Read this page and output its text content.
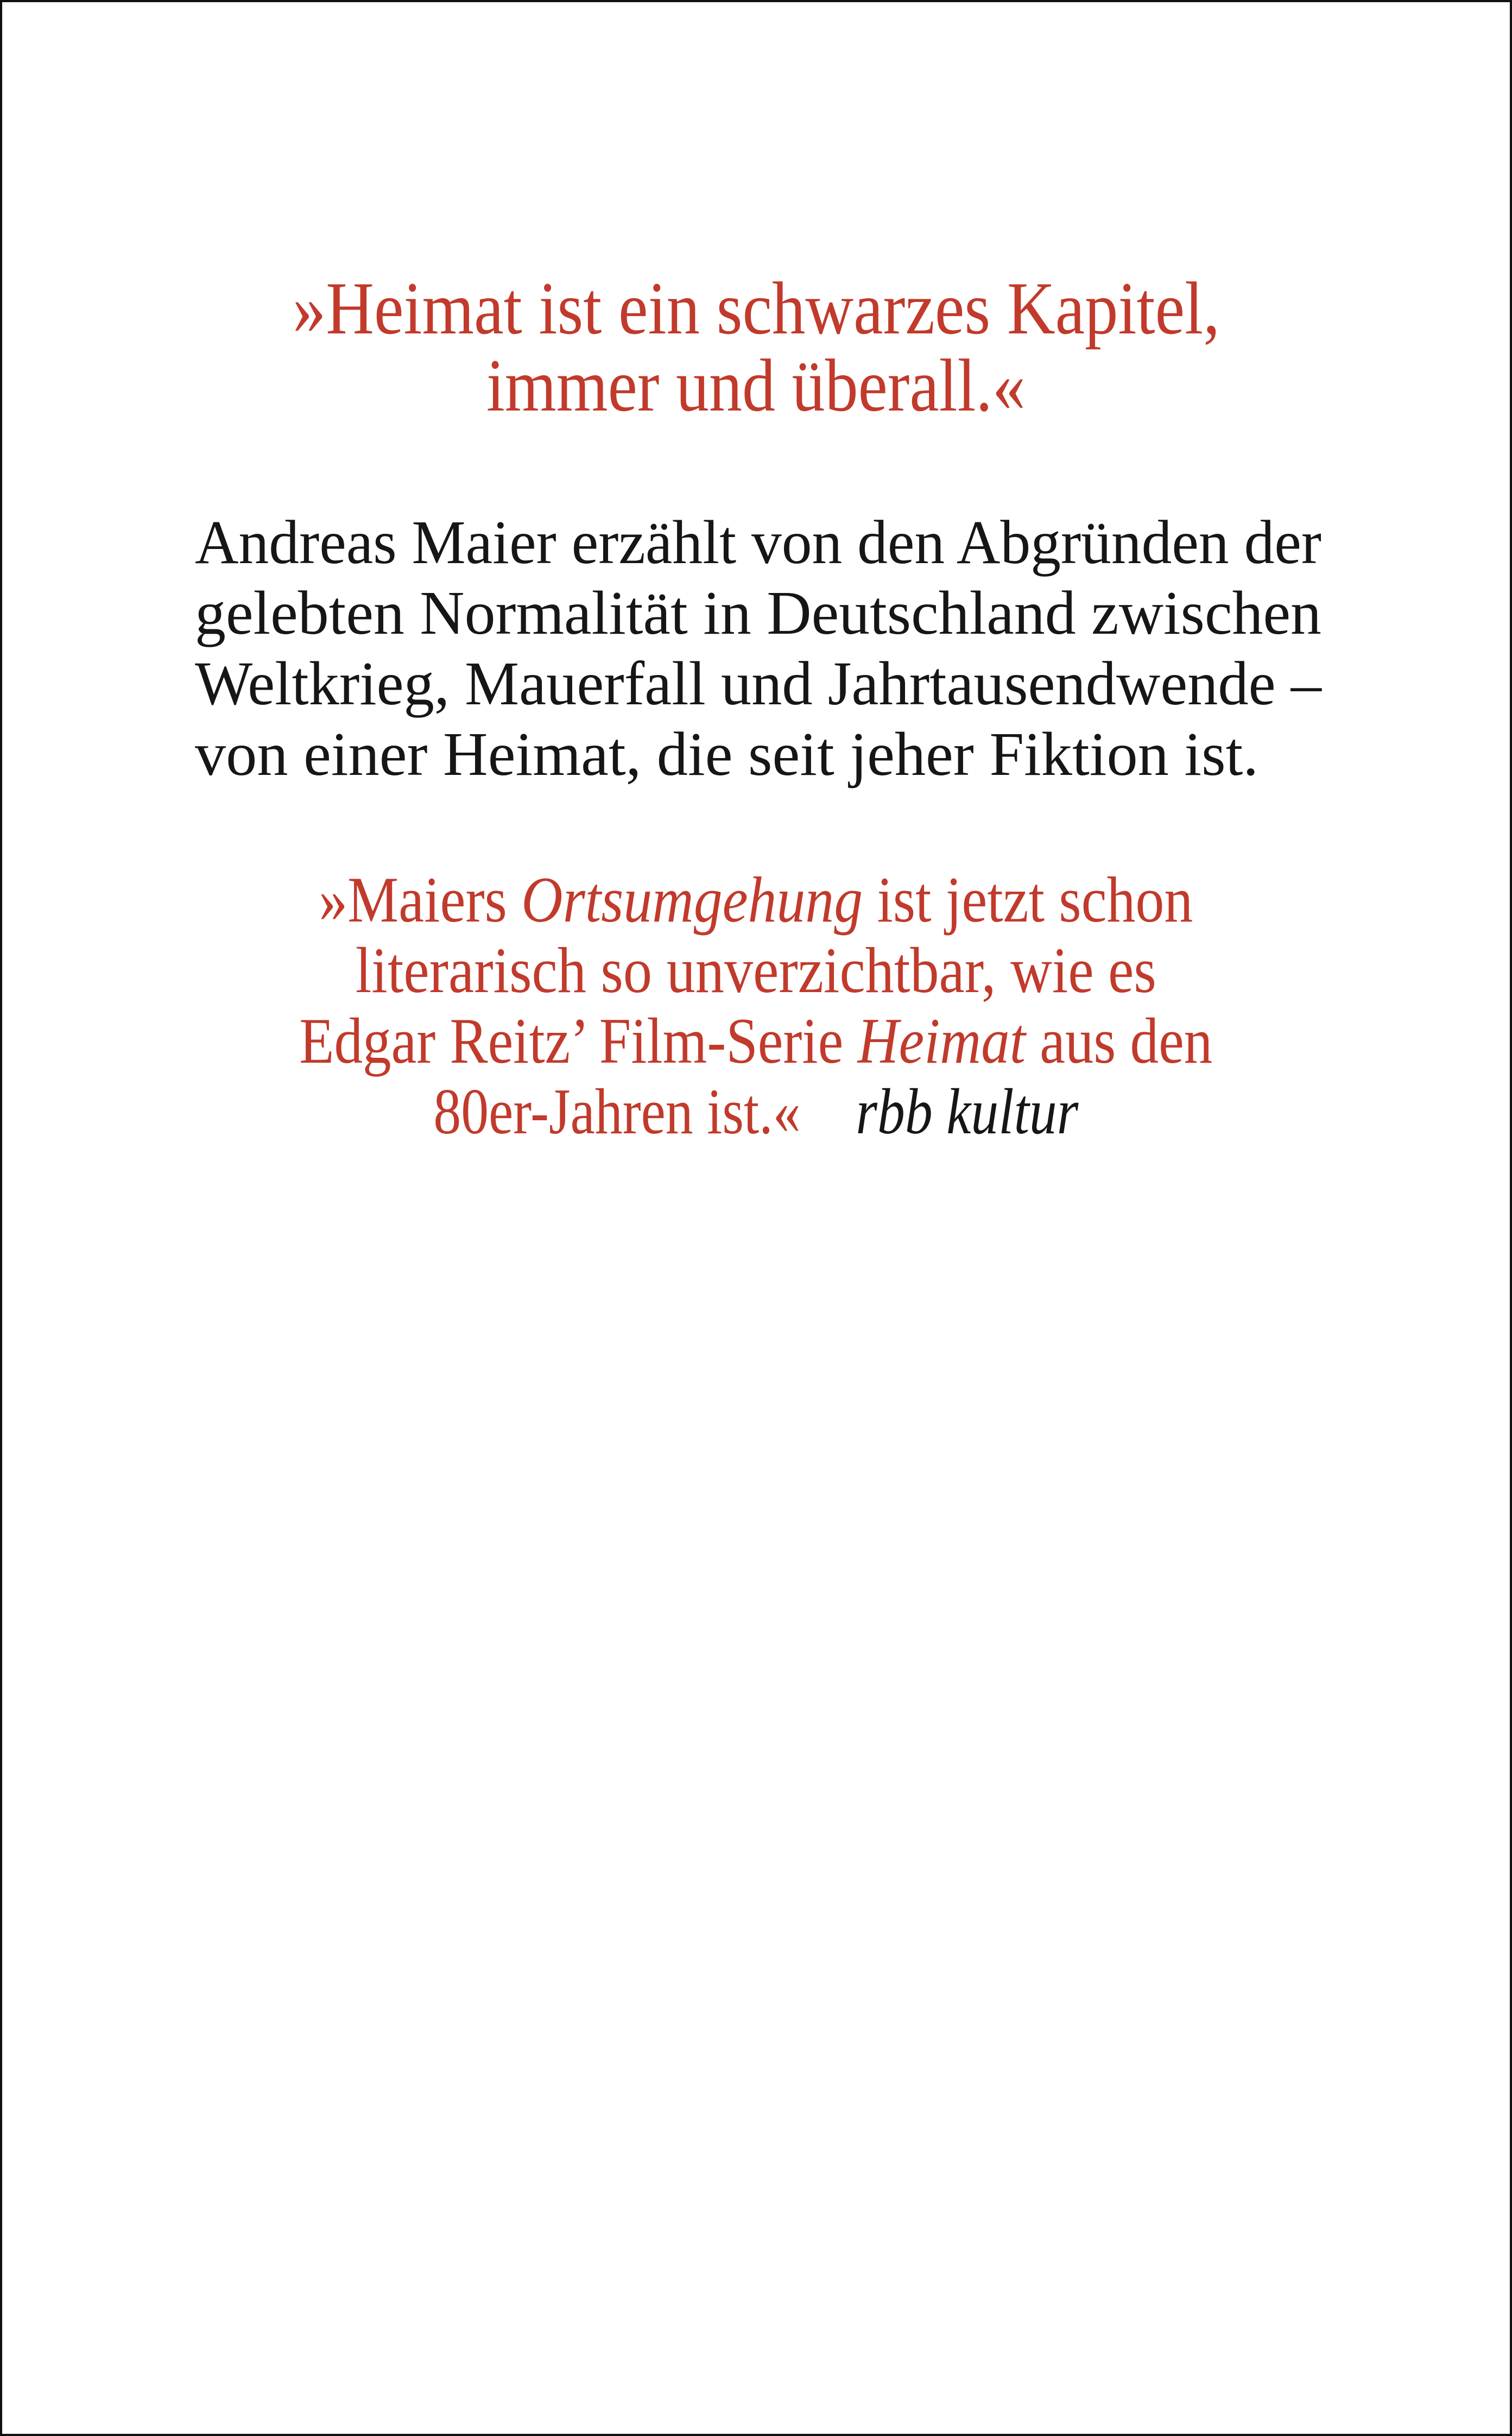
»Heimat ist ein schwarzes Kapitel,
immer und überall.«
Andreas Maier erzählt von den Abgründen der
gelebten Normalität in Deutschland zwischen
Weltkrieg, Mauerfall und Jahrtausendwende –
von einer Heimat, die seit jeher Fiktion ist.
»Maiers Ortsumgehung ist jetzt schon
literarisch so unverzichtbar, wie es
Edgar Reitz’ Film-Serie Heimat aus den
80er-Jahren ist.«   rbb kultur
